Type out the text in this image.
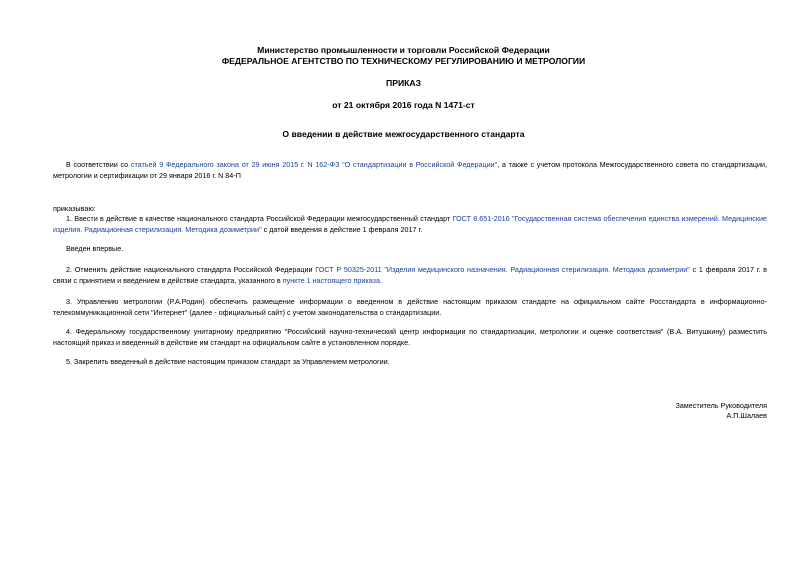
Министерство промышленности и торговли Российской Федерации
ФЕДЕРАЛЬНОЕ АГЕНТСТВО ПО ТЕХНИЧЕСКОМУ РЕГУЛИРОВАНИЮ И МЕТРОЛОГИИ
ПРИКАЗ
от 21 октября 2016 года N 1471-ст
О введении в действие межгосударственного стандарта
В соответствии со статьей 9 Федерального закона от 29 июня 2015 г. N 162-ФЗ "О стандартизации в Российской Федерации", а также с учетом протокола Межгосударственного совета по стандартизации, метрологии и сертификации от 29 января 2016 г. N 84-П
приказываю:
1. Ввести в действие в качестве национального стандарта Российской Федерации межгосударственный стандарт ГОСТ 8.651-2016 "Государственная система обеспечения единства измерений. Медицинские изделия. Радиационная стерилизация. Методика дозиметрии" с датой введения в действие 1 февраля 2017 г.
Введен впервые.
2. Отменить действие национального стандарта Российской Федерации ГОСТ Р 50325-2011 "Изделия медицинского назначения. Радиационная стерилизация. Методика дозиметрии" с 1 февраля 2017 г. в связи с принятием и введением в действие стандарта, указанного в пункте 1 настоящего приказа.
3. Управлению метрологии (Р.А.Родин) обеспечить размещение информации о введенном в действие настоящим приказом стандарте на официальном сайте Росстандарта в информационно-телекоммуникационной сети "Интернет" (далее - официальный сайт) с учетом законодательства о стандартизации.
4. Федеральному государственному унитарному предприятию "Российский научно-технический центр информации по стандартизации, метрологии и оценке соответствия" (В.А. Витушкину) разместить настоящий приказ и введенный в действие им стандарт на официальном сайте в установленном порядке.
5. Закрепить введенный в действие настоящим приказом стандарт за Управлением метрологии.
Заместитель Руководителя
А.П.Шалаев
